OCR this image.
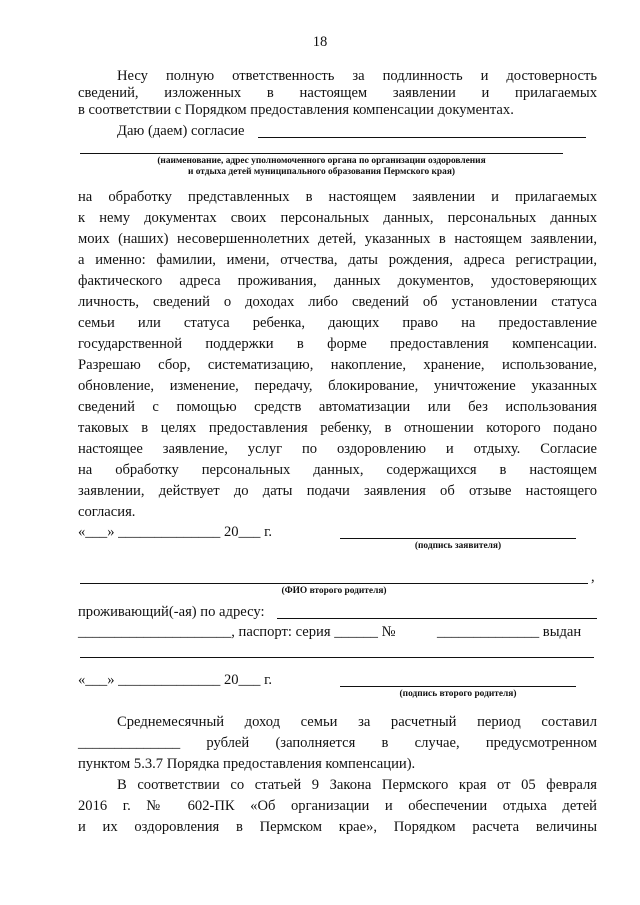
18
Несу полную ответственность за подлинность и достоверность
сведений, изложенных в настоящем заявлении и прилагаемых
в соответствии с Порядком предоставления компенсации документах.
Даю (даем) согласие
(наименование, адрес уполномоченного органа по организации оздоровления
и отдыха детей муниципального образования Пермского края)
на обработку представленных в настоящем заявлении и прилагаемых
к нему документах своих персональных данных, персональных данных
моих (наших) несовершеннолетних детей, указанных в настоящем заявлении,
а именно: фамилии, имени, отчества, даты рождения, адреса регистрации,
фактического адреса проживания, данных документов, удостоверяющих
личность, сведений о доходах либо сведений об установлении статуса
семьи или статуса ребенка, дающих право на предоставление
государственной поддержки в форме предоставления компенсации.
Разрешаю сбор, систематизацию, накопление, хранение, использование,
обновление, изменение, передачу, блокирование, уничтожение указанных
сведений с помощью средств автоматизации или без использования
таковых в целях предоставления ребенку, в отношении которого подано
настоящее заявление, услуг по оздоровлению и отдыху. Согласие
на обработку персональных данных, содержащихся в настоящем
заявлении, действует до даты подачи заявления об отзыве настоящего
согласия.
«___» ______________ 20___ г.
(подпись заявителя)
,
(ФИО второго родителя)
проживающий(-ая) по адресу:
_____________________, паспорт: серия ______ №	______________ выдан
«___» ______________ 20___ г.
(подпись второго родителя)
Среднемесячный доход семьи за расчетный период составил
______________ рублей (заполняется в случае, предусмотренном
пунктом 5.3.7 Порядка предоставления компенсации).
В соответствии со статьей 9 Закона Пермского края от 05 февраля
2016 г. № 602-ПК «Об организации и обеспечении отдыха детей
и их оздоровления в Пермском крае», Порядком расчета величины
